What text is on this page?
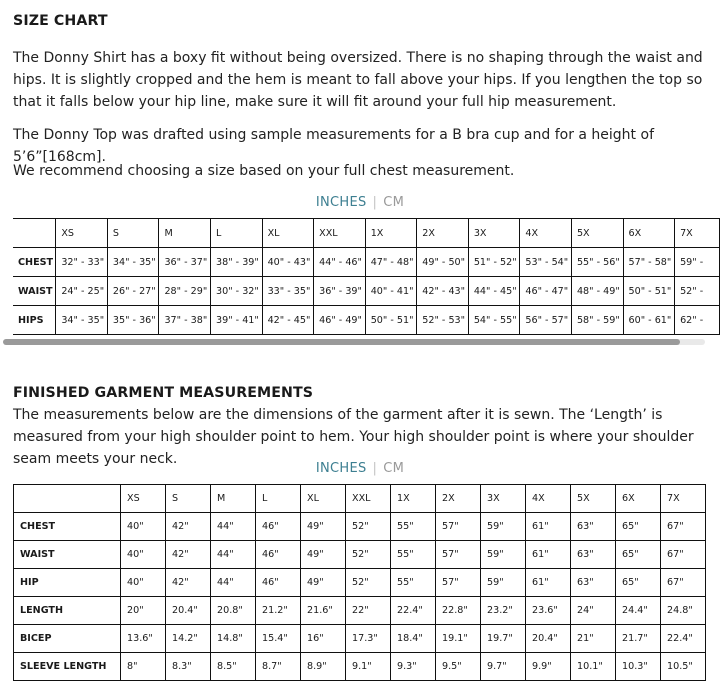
SIZE CHART
The Donny Shirt has a boxy fit without being oversized. There is no shaping through the waist and hips. It is slightly cropped and the hem is meant to fall above your hips. If you lengthen the top so that it falls below your hip line, make sure it will fit around your full hip measurement.
The Donny Top was drafted using sample measurements for a B bra cup and for a height of 5’6”[168cm].
We recommend choosing a size based on your full chest measurement.
INCHES | CM
	XS	S	M	L	XL	XXL	1X	2X	3X	4X	5X	6X	7X
CHEST	32" - 33"	34" - 35"	36" - 37"	38" - 39"	40" - 43"	44" - 46"	47" - 48"	49" - 50"	51" - 52"	53" - 54"	55" - 56"	57" - 58"	59" -
WAIST	24" - 25"	26" - 27"	28" - 29"	30" - 32"	33" - 35"	36" - 39"	40" - 41"	42" - 43"	44" - 45"	46" - 47"	48" - 49"	50" - 51"	52" -
HIPS	34" - 35"	35" - 36"	37" - 38"	39" - 41"	42" - 45"	46" - 49"	50" - 51"	52" - 53"	54" - 55"	56" - 57"	58" - 59"	60" - 61"	62" -
FINISHED GARMENT MEASUREMENTS
The measurements below are the dimensions of the garment after it is sewn. The ‘Length’ is measured from your high shoulder point to hem. Your high shoulder point is where your shoulder seam meets your neck.
INCHES | CM
	XS	S	M	L	XL	XXL	1X	2X	3X	4X	5X	6X	7X
CHEST	40"	42"	44"	46"	49"	52"	55"	57"	59"	61"	63"	65"	67"
WAIST	40"	42"	44"	46"	49"	52"	55"	57"	59"	61"	63"	65"	67"
HIP	40"	42"	44"	46"	49"	52"	55"	57"	59"	61"	63"	65"	67"
LENGTH	20"	20.4"	20.8"	21.2"	21.6"	22"	22.4"	22.8"	23.2"	23.6"	24"	24.4"	24.8"
BICEP	13.6"	14.2"	14.8"	15.4"	16"	17.3"	18.4"	19.1"	19.7"	20.4"	21"	21.7"	22.4"
SLEEVE LENGTH	8"	8.3"	8.5"	8.7"	8.9"	9.1"	9.3"	9.5"	9.7"	9.9"	10.1"	10.3"	10.5"
